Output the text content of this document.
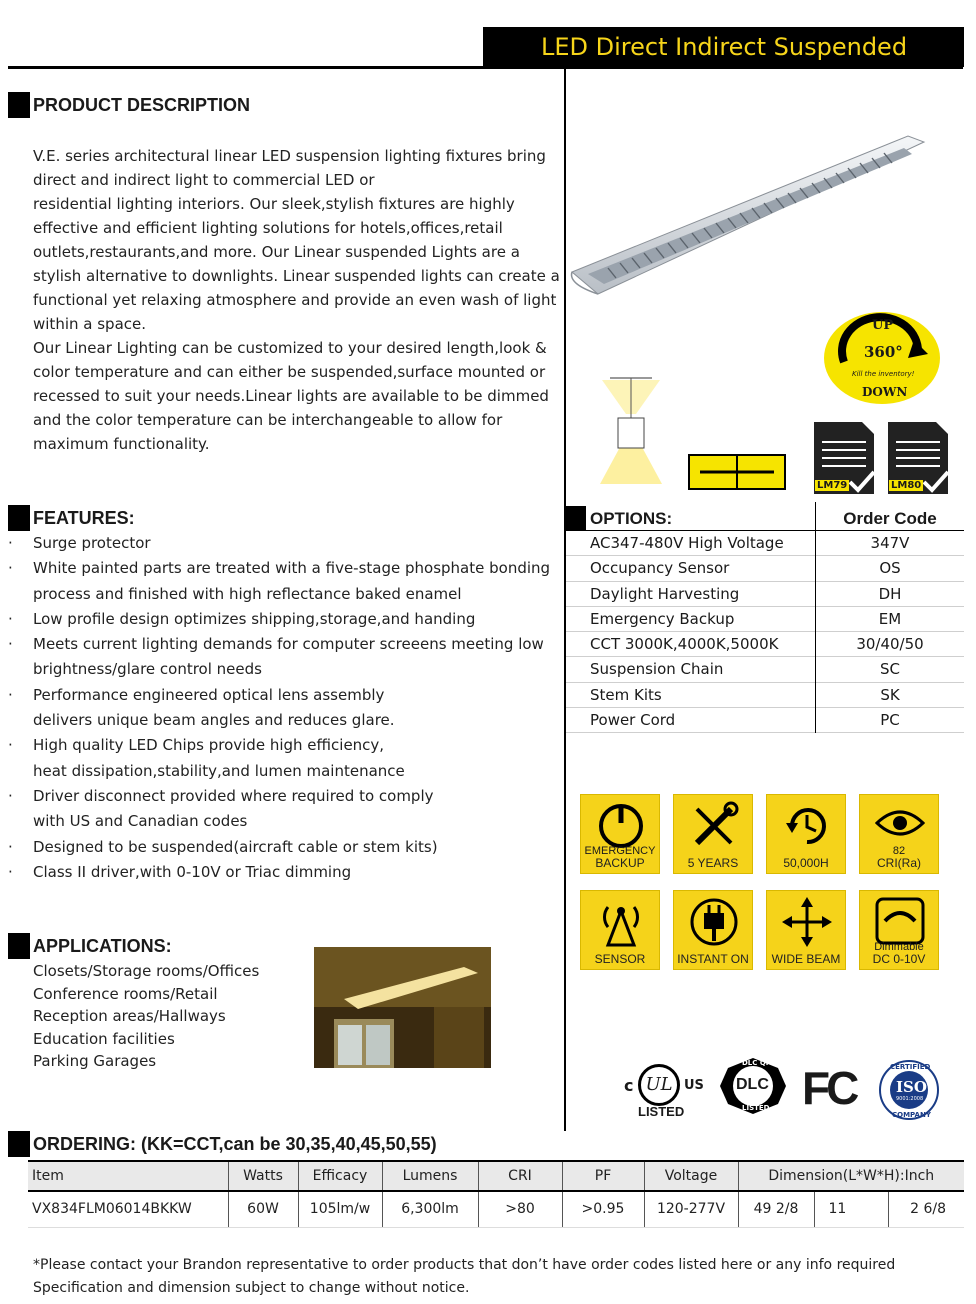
LED Direct Indirect Suspended
PRODUCT DESCRIPTION
V.E. series architectural linear LED suspension lighting fixtures bring
direct and indirect light to commercial LED or
residential lighting interiors. Our sleek,stylish fixtures are highly
effective and efficient lighting solutions for hotels,offices,retail
outlets,restaurants,and more. Our Linear suspended Lights are a
stylish alternative to downlights. Linear suspended lights can create a
functional yet relaxing atmosphere and provide an even wash of light
within a space.
Our Linear Lighting can be customized to your desired length,look &
color temperature and can either be suspended,surface mounted or
recessed to suit your needs.Linear lights are available to be dimmed
and the color temperature can be interchangeable to allow for
maximum functionality.
UP
360°
Kill the inventory!
DOWN
LM79	LM80
FEATURES:
· Surge protector
· White painted parts are treated with a five-stage phosphate bonding
process and finished with high reflectance baked enamel
· Low profile design optimizes shipping,storage,and handing
· Meets current lighting demands for computer screeens meeting low
brightness/glare control needs
· Performance engineered optical lens assembly
delivers unique beam angles and reduces glare.
· High quality LED Chips provide high efficiency,
heat dissipation,stability,and lumen maintenance
· Driver disconnect provided where required to comply
with US and Canadian codes
· Designed to be suspended(aircraft cable or stem kits)
· Class II driver,with 0-10V or Triac dimming
OPTIONS:	Order Code
AC347-480V High Voltage	347V
Occupancy Sensor	OS
Daylight Harvesting	DH
Emergency Backup	EM
CCT 3000K,4000K,5000K	30/40/50
Suspension Chain	SC
Stem Kits	SK
Power Cord	PC
EMERGENCY
BACKUP	5 YEARS	50,000H
82
CRI(Ra)
SENSOR	INSTANT ON	WIDE BEAM
Dimmable
DC 0-10V
APPLICATIONS:
Closets/Storage rooms/Offices
Conference rooms/Retail
Reception areas/Hallways
Education facilities
Parking Garages
c UL US
LISTED
DLC
DLC QPL
LISTED FC	CERTIFIED
ISO
9001:2008
COMPANY
ORDERING: (KK=CCT,can be 30,35,40,45,50,55)
Item	Watts	Efficacy	Lumens	CRI	PF	Voltage	Dimension(L*W*H):Inch		
VX834FLM06014BKKW	60W	105lm/w	6,300lm	>80	>0.95	120-277V	49 2/8	11	2 6/8
*Please contact your Brandon representative to order products that don’t have order codes listed here or any info required
Specification and dimension subject to change without notice.
